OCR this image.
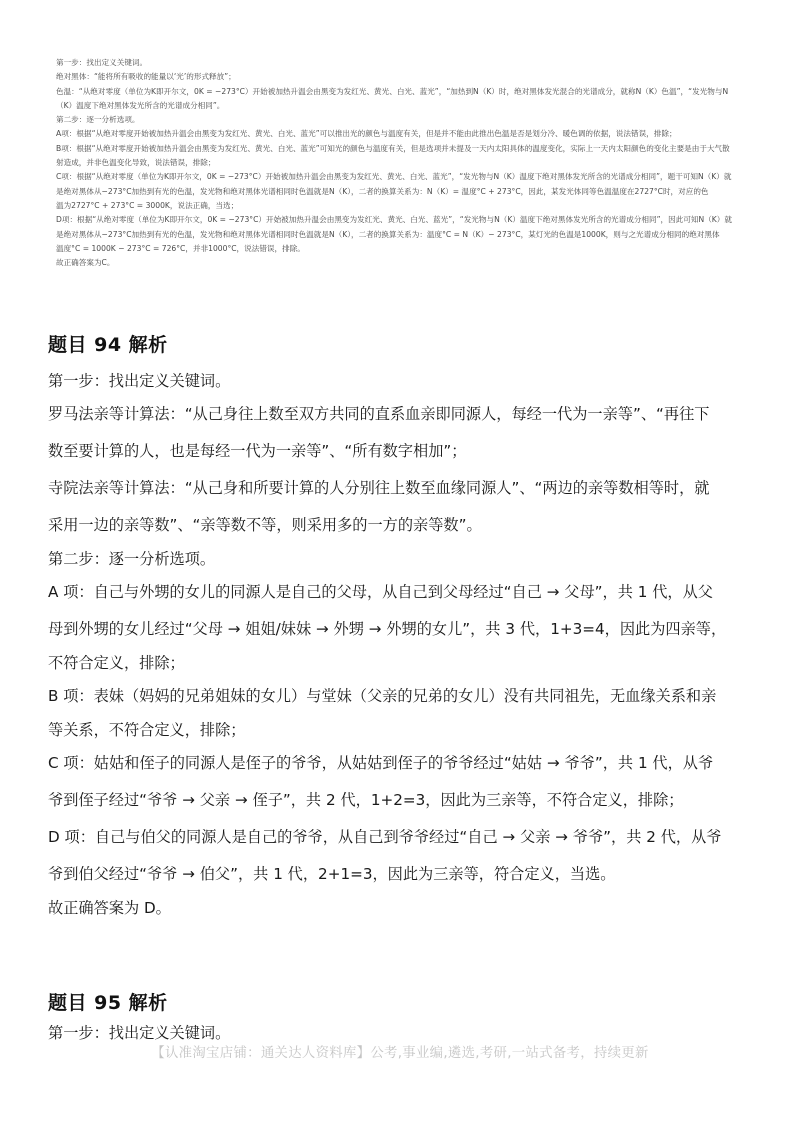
第一步：找出定义关键词。

绝对黑体：“能将所有吸收的能量以‘光’的形式释放”；

色温：“从绝对零度（单位为K即开尔文，0K = −273°C）开始被加热升温会由黑变为发红光、黄光、白光、蓝光”，“加热到N（K）时，绝对黑体发光混合的光谱成分，就称N（K）色温”，“发光物与N

（K）温度下绝对黑体发光所含的光谱成分相同”。

第二步：逐一分析选项。

A项：根据“从绝对零度开始被加热升温会由黑变为发红光、黄光、白光、蓝光”可以推出光的颜色与温度有关，但是并不能由此推出色温是否是划分冷、暖色调的依据，说法错误，排除；

B项：根据“从绝对零度开始被加热升温会由黑变为发红光、黄光、白光、蓝光”可知光的颜色与温度有关，但是选项并未提及一天内太阳具体的温度变化，实际上一天内太阳颜色的变化主要是由于大气散

射造成，并非色温变化导致，说法错误，排除；

C项：根据“从绝对零度（单位为K即开尔文，0K = −273°C）开始被加热升温会由黑变为发红光、黄光、白光、蓝光”，“发光物与N（K）温度下绝对黑体发光所含的光谱成分相同”，题干可知N（K）就

是绝对黑体从−273°C加热到有光的色温，发光物和绝对黑体光谱相同时色温就是N（K），二者的换算关系为：N（K）= 温度°C + 273°C，因此，某发光体同等色温温度在2727°C时，对应的色

温为2727°C + 273°C = 3000K，说法正确，当选；

D项：根据“从绝对零度（单位为K即开尔文，0K = −273°C）开始被加热升温会由黑变为发红光、黄光、白光、蓝光”，“发光物与N（K）温度下绝对黑体发光所含的光谱成分相同”，因此可知N（K）就

是绝对黑体从−273°C加热到有光的色温，发光物和绝对黑体光谱相同时色温就是N（K），二者的换算关系为：温度°C = N（K）− 273°C，某灯光的色温是1000K，则与之光谱成分相同的绝对黑体

温度°C = 1000K − 273°C = 726°C，并非1000°C，说法错误，排除。

故正确答案为C。

题目 94 解析

第一步：找出定义关键词。

罗马法亲等计算法：“从己身往上数至双方共同的直系血亲即同源人，每经一代为一亲等”、“再往下

数至要计算的人，也是每经一代为一亲等”、“所有数字相加”；

寺院法亲等计算法：“从己身和所要计算的人分别往上数至血缘同源人”、“两边的亲等数相等时，就

采用一边的亲等数”、“亲等数不等，则采用多的一方的亲等数”。

第二步：逐一分析选项。

A 项：自己与外甥的女儿的同源人是自己的父母，从自己到父母经过“自己 → 父母”，共 1 代，从父

母到外甥的女儿经过“父母 → 姐姐/妹妹 → 外甥 → 外甥的女儿”，共 3 代，1+3=4，因此为四亲等，

不符合定义，排除；

B 项：表妹（妈妈的兄弟姐妹的女儿）与堂妹（父亲的兄弟的女儿）没有共同祖先，无血缘关系和亲

等关系，不符合定义，排除；

C 项：姑姑和侄子的同源人是侄子的爷爷，从姑姑到侄子的爷爷经过“姑姑 → 爷爷”，共 1 代，从爷

爷到侄子经过“爷爷 → 父亲 → 侄子”，共 2 代，1+2=3，因此为三亲等，不符合定义，排除；

D 项：自己与伯父的同源人是自己的爷爷，从自己到爷爷经过“自己 → 父亲 → 爷爷”，共 2 代，从爷

爷到伯父经过“爷爷 → 伯父”，共 1 代，2+1=3，因此为三亲等，符合定义，当选。

故正确答案为 D。

题目 95 解析

第一步：找出定义关键词。

【认准淘宝店铺：通关达人资料库】公考,事业编,遴选,考研,一站式备考，持续更新
